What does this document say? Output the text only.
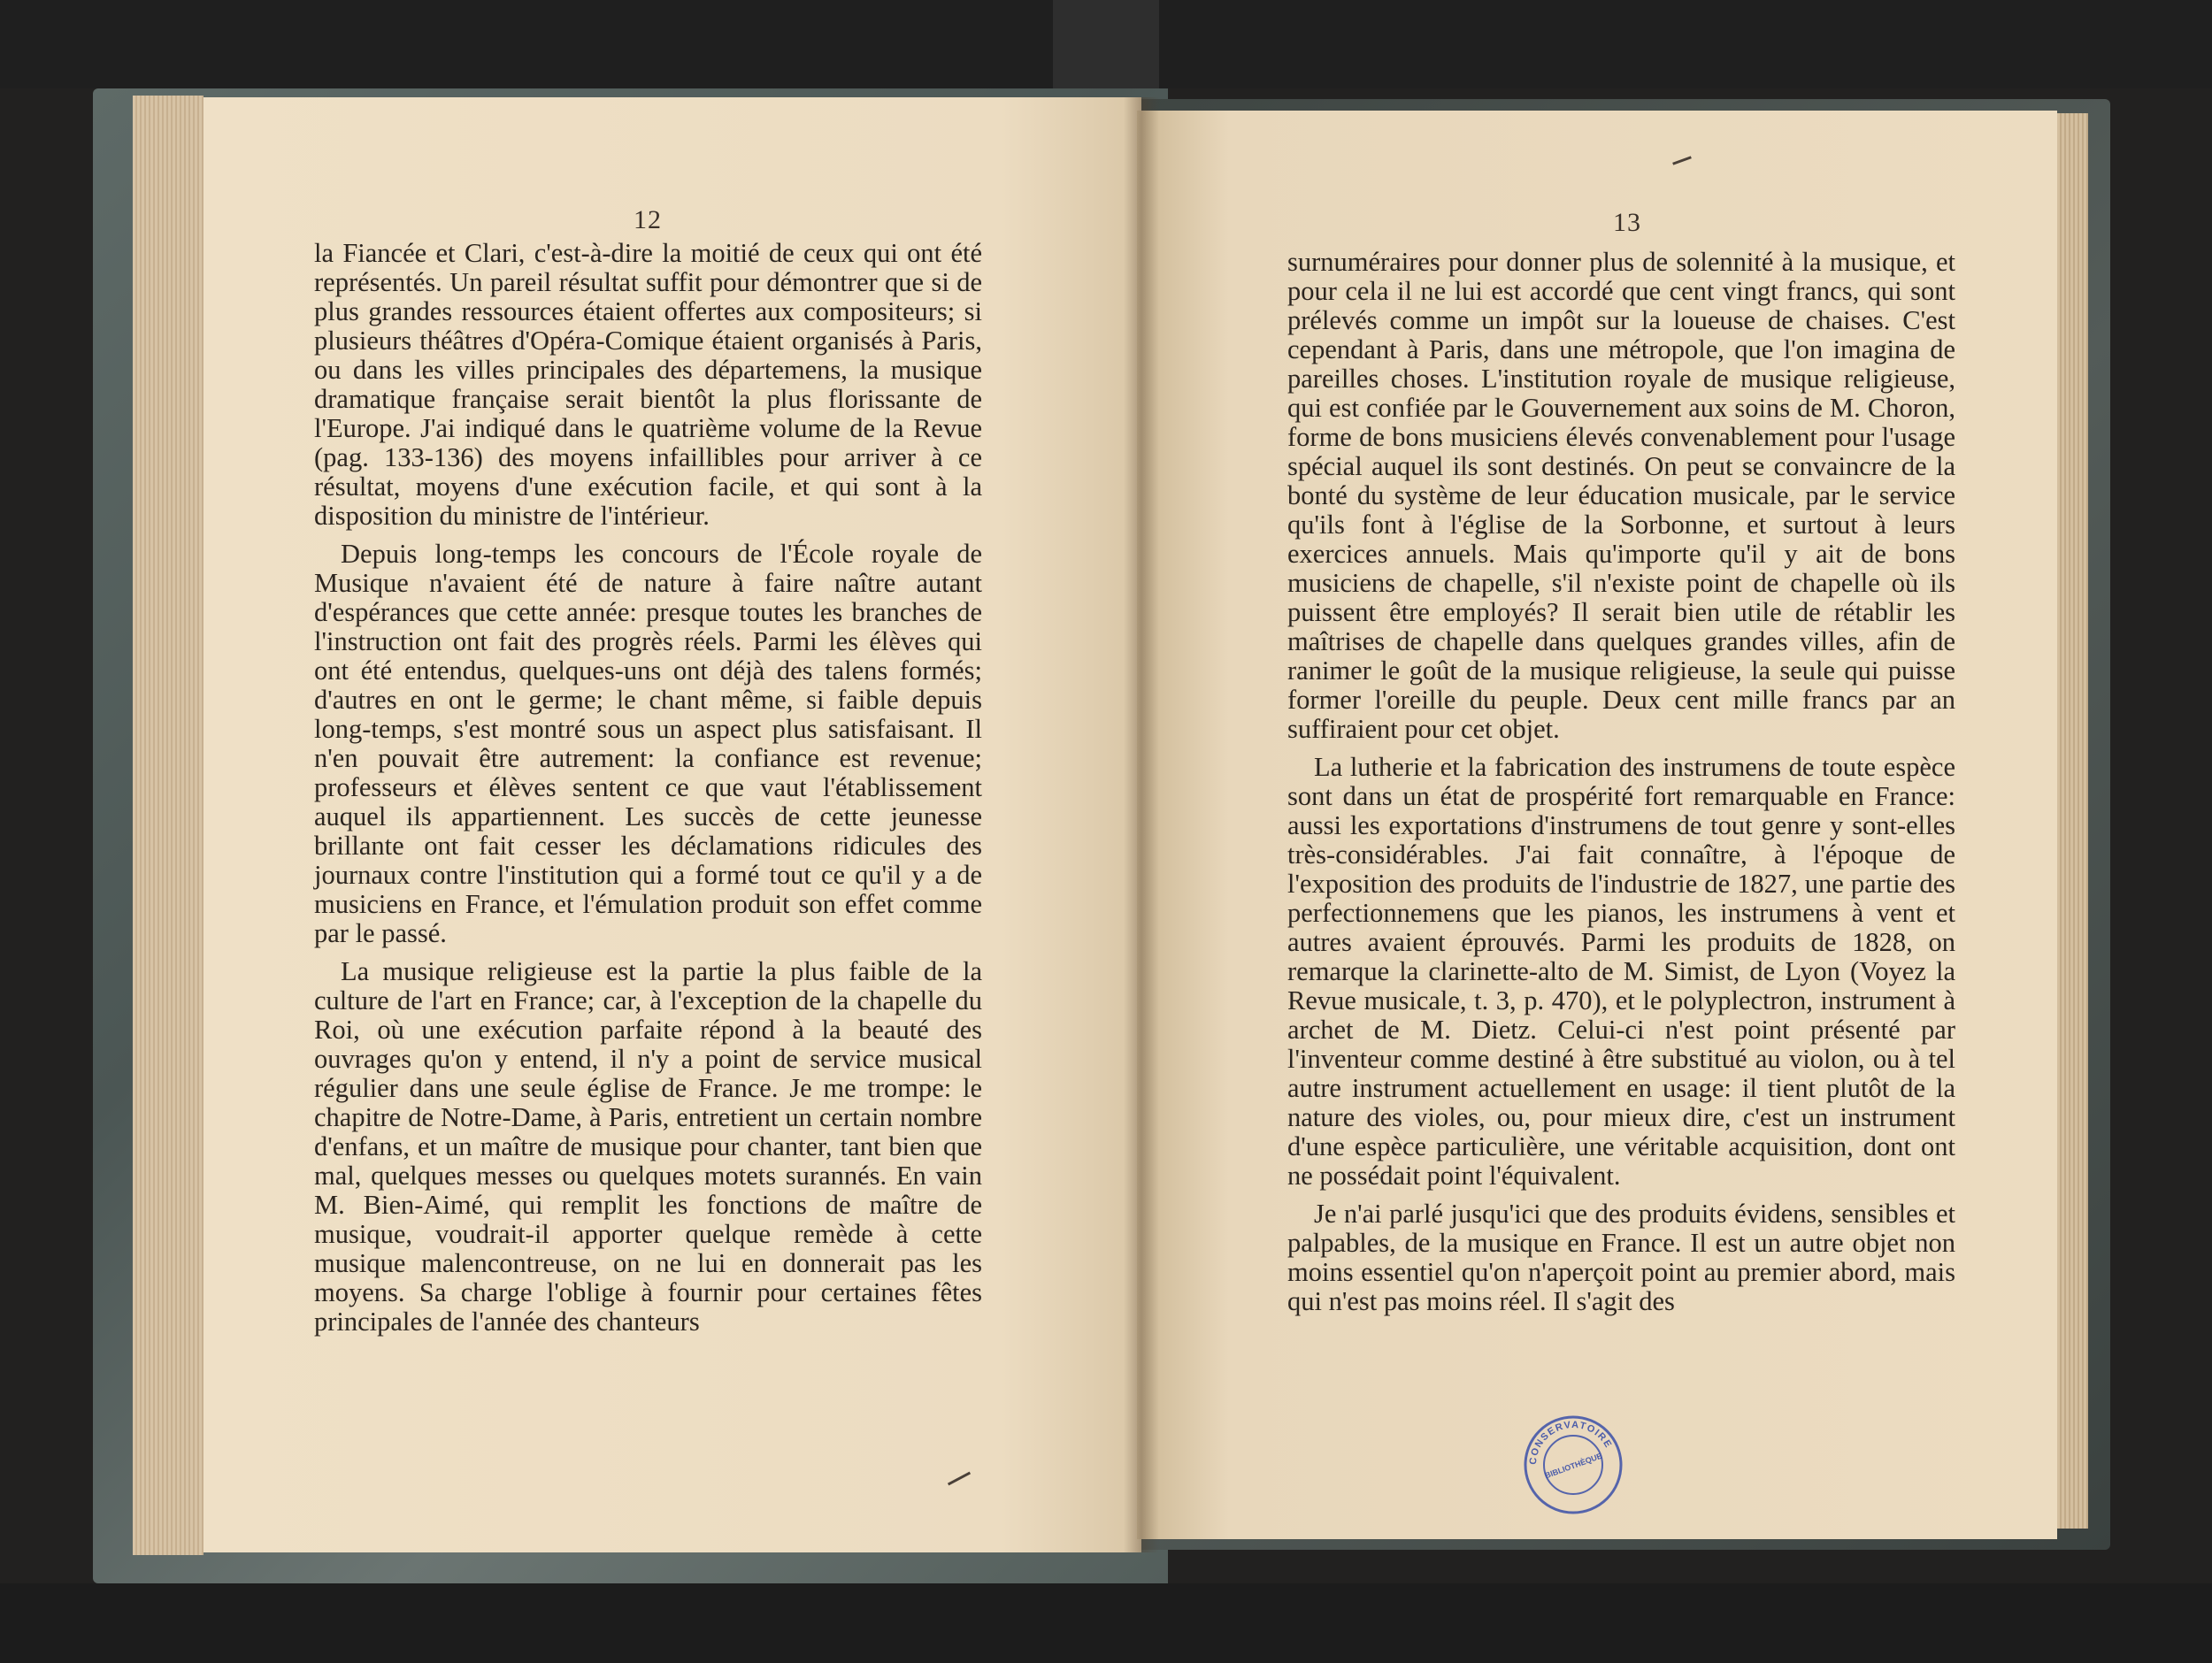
12

la Fiancée et Clari, c'est-à-dire la moitié de ceux qui ont été représentés. Un pareil résultat suffit pour démontrer que si de plus grandes ressources étaient offertes aux compositeurs; si plusieurs théâtres d'Opéra-Comique étaient organisés à Paris, ou dans les villes principales des départemens, la musique dramatique française serait bientôt la plus florissante de l'Europe. J'ai indiqué dans le quatrième volume de la Revue (pag. 133-136) des moyens infaillibles pour arriver à ce résultat, moyens d'une exécution facile, et qui sont à la disposition du ministre de l'intérieur.

Depuis long-temps les concours de l'École royale de Musique n'avaient été de nature à faire naître autant d'espérances que cette année: presque toutes les branches de l'instruction ont fait des progrès réels. Parmi les élèves qui ont été entendus, quelques-uns ont déjà des talens formés; d'autres en ont le germe; le chant même, si faible depuis long-temps, s'est montré sous un aspect plus satisfaisant. Il n'en pouvait être autrement: la confiance est revenue; professeurs et élèves sentent ce que vaut l'établissement auquel ils appartiennent. Les succès de cette jeunesse brillante ont fait cesser les déclamations ridicules des journaux contre l'institution qui a formé tout ce qu'il y a de musiciens en France, et l'émulation produit son effet comme par le passé.

La musique religieuse est la partie la plus faible de la culture de l'art en France; car, à l'exception de la chapelle du Roi, où une exécution parfaite répond à la beauté des ouvrages qu'on y entend, il n'y a point de service musical régulier dans une seule église de France. Je me trompe: le chapitre de Notre-Dame, à Paris, entretient un certain nombre d'enfans, et un maître de musique pour chanter, tant bien que mal, quelques messes ou quelques motets surannés. En vain M. Bien-Aimé, qui remplit les fonctions de maître de musique, voudrait-il apporter quelque remède à cette musique malencontreuse, on ne lui en donnerait pas les moyens. Sa charge l'oblige à fournir pour certaines fêtes principales de l'année des chanteurs

13

surnuméraires pour donner plus de solennité à la musique, et pour cela il ne lui est accordé que cent vingt francs, qui sont prélevés comme un impôt sur la loueuse de chaises. C'est cependant à Paris, dans une métropole, que l'on imagina de pareilles choses. L'institution royale de musique religieuse, qui est confiée par le Gouvernement aux soins de M. Choron, forme de bons musiciens élevés convenablement pour l'usage spécial auquel ils sont destinés. On peut se convaincre de la bonté du système de leur éducation musicale, par le service qu'ils font à l'église de la Sorbonne, et surtout à leurs exercices annuels. Mais qu'importe qu'il y ait de bons musiciens de chapelle, s'il n'existe point de chapelle où ils puissent être employés? Il serait bien utile de rétablir les maîtrises de chapelle dans quelques grandes villes, afin de ranimer le goût de la musique religieuse, la seule qui puisse former l'oreille du peuple. Deux cent mille francs par an suffiraient pour cet objet.

La lutherie et la fabrication des instrumens de toute espèce sont dans un état de prospérité fort remarquable en France: aussi les exportations d'instrumens de tout genre y sont-elles très-considérables. J'ai fait connaître, à l'époque de l'exposition des produits de l'industrie de 1827, une partie des perfectionnemens que les pianos, les instrumens à vent et autres avaient éprouvés. Parmi les produits de 1828, on remarque la clarinette-alto de M. Simist, de Lyon (Voyez la Revue musicale, t. 3, p. 470), et le polyplectron, instrument à archet de M. Dietz. Celui-ci n'est point présenté par l'inventeur comme destiné à être substitué au violon, ou à tel autre instrument actuellement en usage: il tient plutôt de la nature des violes, ou, pour mieux dire, c'est un instrument d'une espèce particulière, une véritable acquisition, dont ont ne possédait point l'équivalent.

Je n'ai parlé jusqu'ici que des produits évidens, sensibles et palpables, de la musique en France. Il est un autre objet non moins essentiel qu'on n'aperçoit point au premier abord, mais qui n'est pas moins réel. Il s'agit des

CONSERVATOIRE
BIBLIOTHÈQUE
